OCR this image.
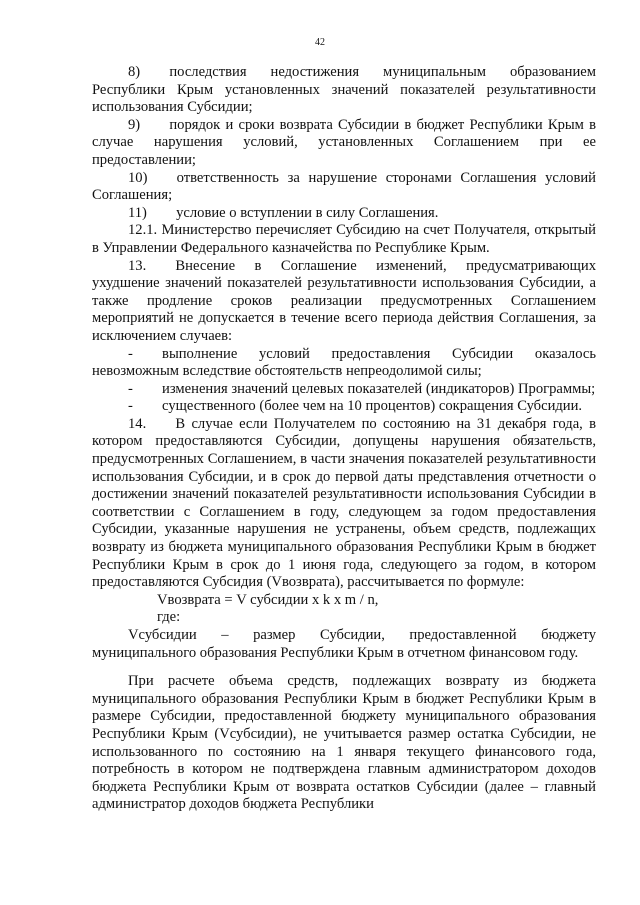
42

8)  последствия недостижения муниципальным образованием Республики Крым установленных значений показателей результативности использования Субсидии;

9)  порядок и сроки возврата Субсидии в бюджет Республики Крым в случае нарушения условий, установленных Соглашением при ее предоставлении;

10)  ответственность за нарушение сторонами Соглашения условий Соглашения;

11)  условие о вступлении в силу Соглашения.

12.1. Министерство перечисляет Субсидию на счет Получателя, открытый в Управлении Федерального казначейства по Республике Крым.

13.  Внесение в Соглашение изменений, предусматривающих ухудшение значений показателей результативности использования Субсидии, а также продление сроков реализации предусмотренных Соглашением мероприятий не допускается в течение всего периода действия Соглашения, за исключением случаев:

-  выполнение условий предоставления Субсидии оказалось невозможным вследствие обстоятельств непреодолимой силы;

-  изменения значений целевых показателей (индикаторов) Программы;

-  существенного (более чем на 10 процентов) сокращения Субсидии.

14.  В случае если Получателем по состоянию на 31 декабря года, в котором предоставляются Субсидии, допущены нарушения обязательств, предусмотренных Соглашением, в части значения показателей результативности использования Субсидии, и в срок до первой даты представления отчетности о достижении значений показателей результативности использования Субсидии в соответствии с Соглашением в году, следующем за годом предоставления Субсидии, указанные нарушения не устранены, объем средств, подлежащих возврату из бюджета муниципального образования Республики Крым в бюджет Республики Крым в срок до 1 июня года, следующего за годом, в котором предоставляются Субсидия (Vвозврата), рассчитывается по формуле:

Vвозврата = V субсидии x k x m / n,

где:

Vсубсидии – размер Субсидии, предоставленной бюджету муниципального образования Республики Крым в отчетном финансовом году.

При расчете объема средств, подлежащих возврату из бюджета муниципального образования Республики Крым в бюджет Республики Крым в размере Субсидии, предоставленной бюджету муниципального образования Республики Крым (Vсубсидии), не учитывается размер остатка Субсидии, не использованного по состоянию на 1 января текущего финансового года, потребность в котором не подтверждена главным администратором доходов бюджета Республики Крым от возврата остатков Субсидии (далее – главный администратор доходов бюджета Республики
